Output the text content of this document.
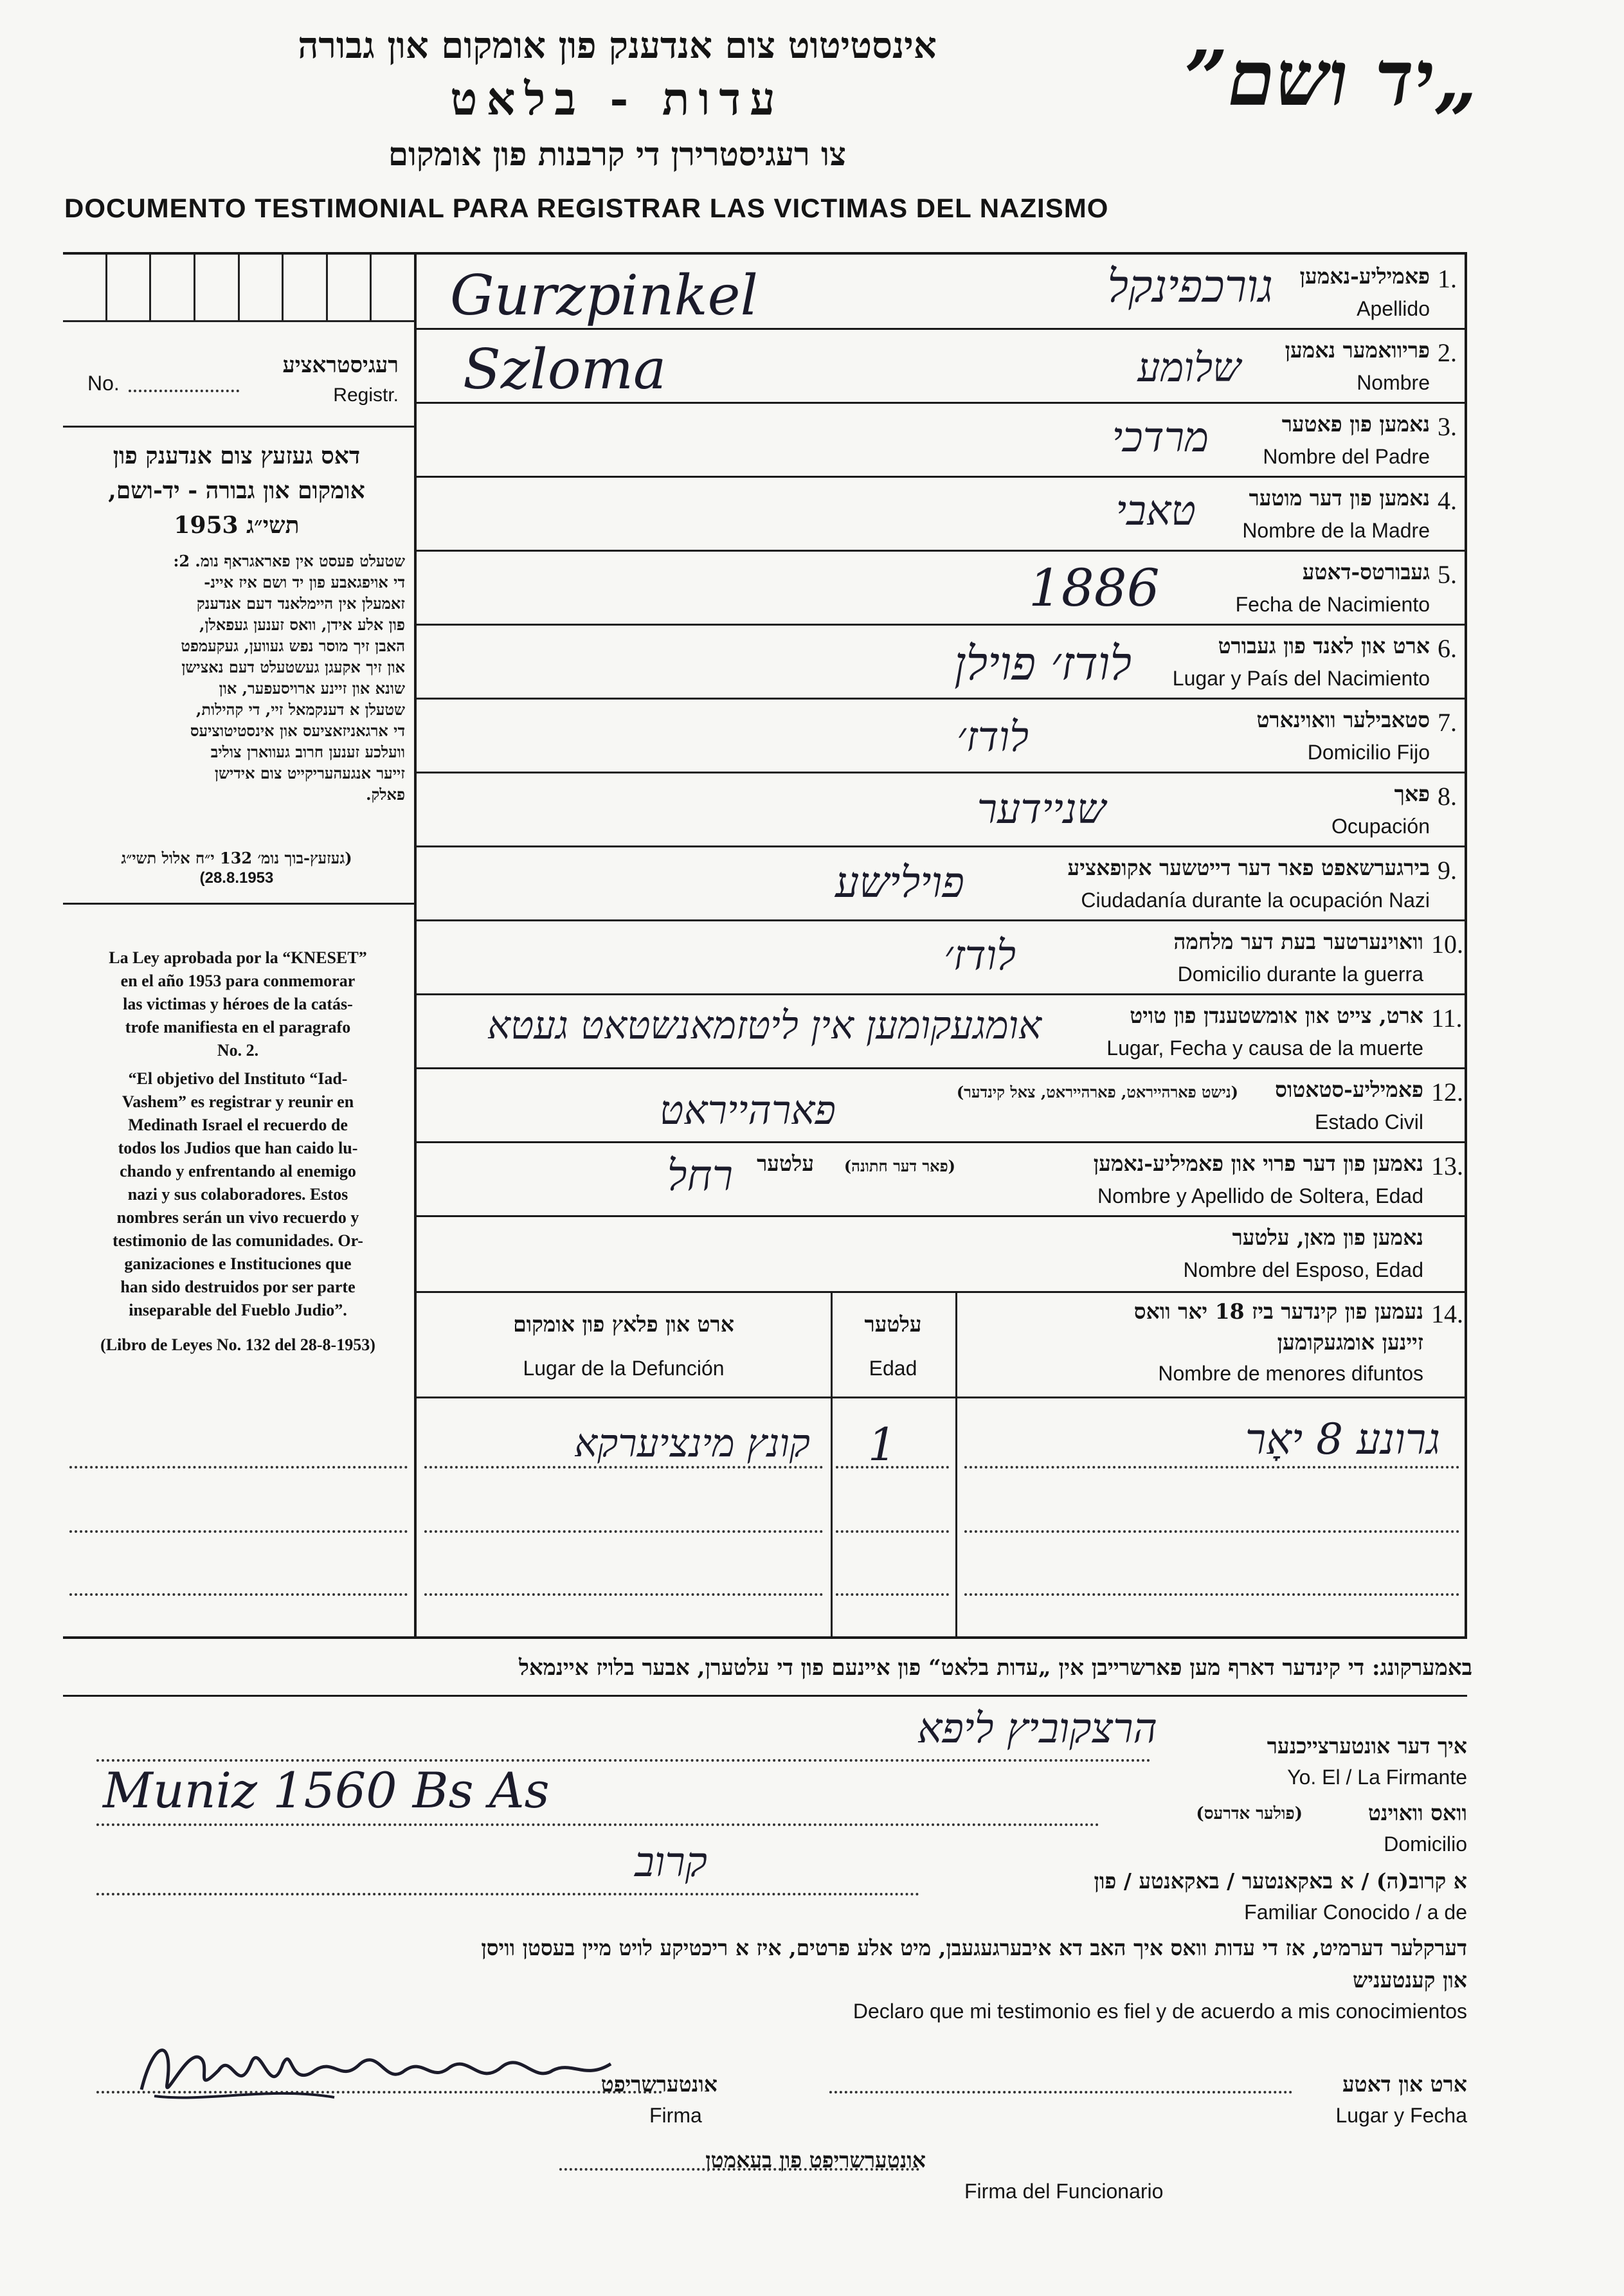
אינסטיטוט צום אנדענק פון אומקום און גבורה
עדות - בלאט
צו רעגיסטרירן די קרבנות פון אומקום
„יד ושם”
DOCUMENTO TESTIMONIAL PARA REGISTRAR LAS VICTIMAS DEL NAZISMO
No.
רעגיסטראציע
Registr.
דאס געזעץ צום אנדענק פון
אומקום און גבורה - יד-ושם,
תשי״ג 1953
שטעלט פעסט אין פאראגראף נומ. 2:
די אויפגאבע פון יד ושם איז איינ-
זאמעלן אין היימלאנד דעם אנדענק
פון אלע אידן, וואס זענען געפאלן,
האבן זיך מוסר נפש געווען, געקעמפט
און זיך אקעגן געשטעלט דעם נאצישן
שונא און זיינע ארויסעפער, און
שטעלן א דענקמאל זיי, די קהילות,
די ארגאניזאציעס און אינסטיטוציעס
וועלכע זענען חרוב געווארן צוליב
זייער אנגעהעריקייט צום אידישן
פאלק.
(געזעץ-בוך נומ׳ 132 י״ח אלול תשי״ג
(28.8.1953
La Ley aprobada por la “KNESET”
en el año 1953 para conmemorar
las victimas y héroes de la catás-
trofe manifiesta en el paragrafo
No. 2.
“El objetivo del Instituto “Iad-
Vashem” es registrar y reunir en
Medinath Israel el recuerdo de
todos los Judios que han caido lu-
chando y enfrentando al enemigo
nazi y sus colaboradores. Estos
nombres serán un vivo recuerdo y
testimonio de las comunidades. Or-
ganizaciones e Instituciones que
han sido destruidos por ser parte
inseparable del Fueblo Judio”.
(Libro de Leyes No. 132 del 28-8-1953)
1.
פאמיליע-נאמען
Apellido
Gurzpinkel	גורכפינקל
2.
פריוואמער נאמען
Nombre
Szloma	שלומע
3.
נאמען פון פאטער
Nombre del Padre
מרדכי
4.
נאמען פון דער מוטער
Nombre de la Madre
טאבי
5.
געבורטס-דאטע
Fecha de Nacimiento
1886
6.
ארט און לאנד פון געבורט
Lugar y País del Nacimiento
לודז׳ פוילן
7.
סטאבילער וואוינארט
Domicilio Fijo
לודז׳
8.
פאך
Ocupación
שניידער
9.
בירגערשאפט פאר דער דייטשער אקופאציע
Ciudadanía durante la ocupación Nazi
פוילישע
10.
וואוינערטער בעת דער מלחמה
Domicilio durante la guerra
לודז׳
11.
ארט, צייט און אומשטענדן פון טויט
Lugar, Fecha y causa de la muerte
אומגעקומען אין ליטזמאנשטאט געטא
12.
פאמיליע-סטאטוס
(נישט פארהייראט, פארהייראט, צאל קינדער)
Estado Civil
פארהייראט
13.
נאמען פון דער פרוי און פאמיליע-נאמען
(פאר דער חתונה)
עלטער
Nombre y Apellido de Soltera, Edad
רחל
נאמען פון מאן, עלטער
Nombre del Esposo, Edad
14.
נעמען פון קינדער ביז 18 יאר וואס
זיינען אומגעקומען
Nombre de menores difuntos
עלטער
Edad
ארט און פלאץ פון אומקום
Lugar de la Defunción
גרונע 8 יאָר
1
קונץ מינציערקא
באמערקונג: די קינדער דארף מען פארשרייבן אין „עדות בלאט“ פון איינעם פון די עלטערן, אבער בלויז איינמאל
איך דער אונטערצייכנער
Yo. El / La Firmante
הרצקוביץ ליפא
וואס וואוינט
(פולער אדרעס)
Domicilio
Muniz 1560 Bs As
א קרוב(ה) / א באקאנטער / באקאנטע / פון
Familiar Conocido / a de
קרוב
דערקלער דערמיט, אז די עדות וואס איך האב דא איבערגעגעבן, מיט אלע פרטים, איז א ריכטיקע לויט מיין בעסטן וויסן
און קענטעניש
Declaro que mi testimonio es fiel y de acuerdo a mis conocimientos
אונטערשריפט
Firma
ארט און דאטע
Lugar y Fecha
אונטערשריפט פון בעאמטן
Firma del Funcionario
